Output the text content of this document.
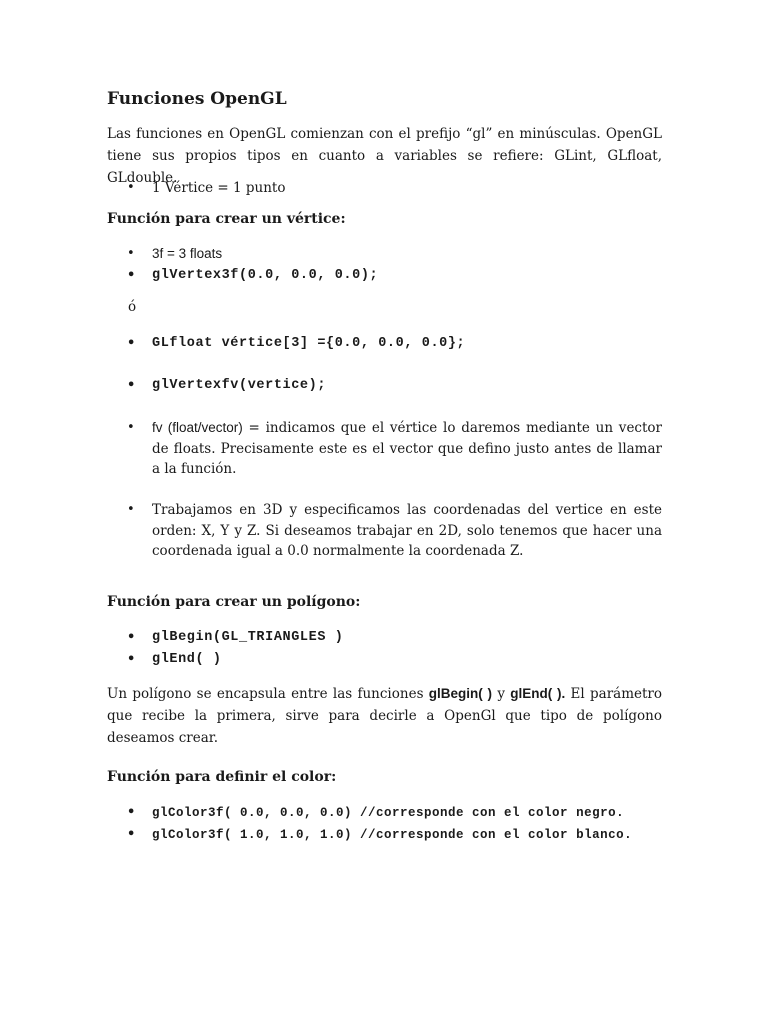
Funciones OpenGL

Las funciones en OpenGL comienzan con el prefijo “gl” en minúsculas. OpenGL tiene sus propios tipos en cuanto a variables se refiere: GLint, GLfloat, GLdouble.

• 1 Vértice = 1 punto
Función para crear un vértice:
• 3f = 3 floats
• glVertex3f(0.0, 0.0, 0.0);
ó
• GLfloat vértice[3] ={0.0, 0.0, 0.0};
• glVertexfv(vertice);
• fv (float/vector) = indicamos que el vértice lo daremos mediante un vector de floats. Precisamente este es el vector que defino justo antes de llamar a la función.
• Trabajamos en 3D y especificamos las coordenadas del vertice en este orden: X, Y y Z. Si deseamos trabajar en 2D, solo tenemos que hacer una coordenada igual a 0.0 normalmente la coordenada Z.
Función para crear un polígono:
• glBegin(GL_TRIANGLES )
• glEnd( )

Un polígono se encapsula entre las funciones glBegin( ) y glEnd( ). El parámetro que recibe la primera, sirve para decirle a OpenGl que tipo de polígono deseamos crear.

Función para definir el color:
• glColor3f( 0.0, 0.0, 0.0) //corresponde con el color negro.
• glColor3f( 1.0, 1.0, 1.0) //corresponde con el color blanco.
